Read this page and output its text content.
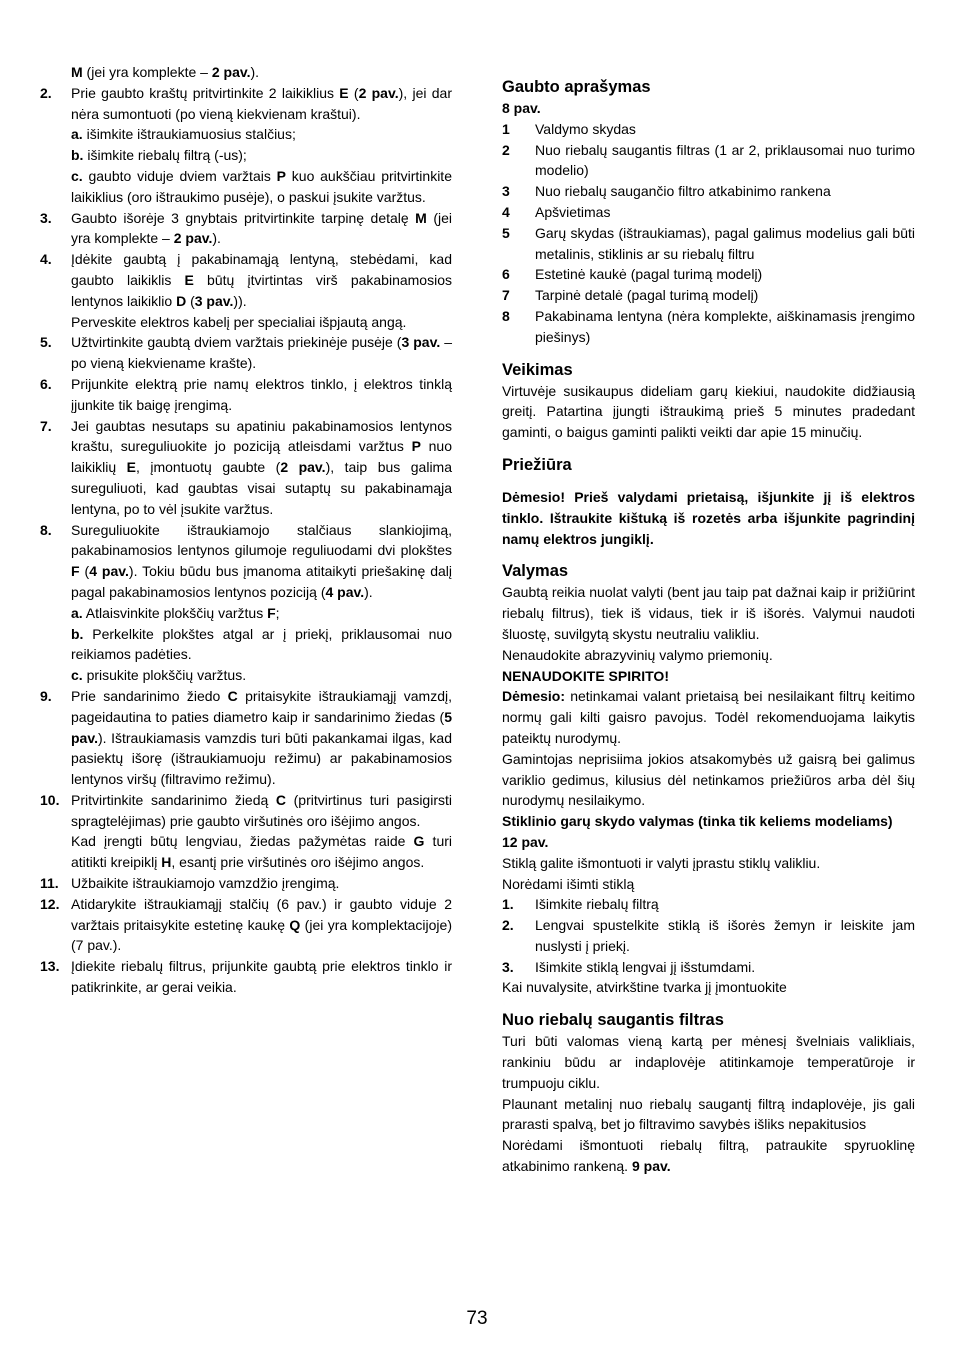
M (jei yra komplekte – 2 pav.).

2. Prie gaubto kraštų pritvirtinkite 2 laikiklius E (2 pav.), jei dar nėra sumontuoti (po vieną kiekvienam kraštui).

a. išimkite ištraukiamuosius stalčius;

b. išimkite riebalų filtrą (-us);

c. gaubto viduje dviem varžtais P kuo aukščiau pritvirtinkite laikiklius (oro ištraukimo pusėje), o paskui įsukite varžtus.

3. Gaubto išorėje 3 gnybtais pritvirtinkite tarpinę detalę M (jei yra komplekte – 2 pav.).
4. Įdėkite gaubtą į pakabinamąją lentyną, stebėdami, kad gaubto laikiklis E būtų įtvirtintas virš pakabinamosios lentynos laikiklio D (3 pav.)).

Perveskite elektros kabelį per specialiai išpjautą angą.

5. Užtvirtinkite gaubtą dviem varžtais priekinėje pusėje (3 pav. – po vieną kiekviename krašte).
6. Prijunkite elektrą prie namų elektros tinklo, į elektros tinklą įjunkite tik baigę įrengimą.
7. Jei gaubtas nesutaps su apatiniu pakabinamosios lentynos kraštu, sureguliuokite jo poziciją atleisdami varžtus P nuo laikiklių E, įmontuotų gaubte (2 pav.), taip bus galima sureguliuoti, kad gaubtas visai sutaptų su pakabinamąja lentyna, po to vėl įsukite varžtus.
8. Sureguliuokite ištraukiamojo stalčiaus slankiojimą, pakabinamosios lentynos gilumoje reguliuodami dvi plokštes F (4 pav.). Tokiu būdu bus įmanoma atitaikyti priešakinę dalį pagal pakabinamosios lentynos poziciją (4 pav.).

a. Atlaisvinkite plokščių varžtus F;

b. Perkelkite plokštes atgal ar į priekį, priklausomai nuo reikiamos padėties.

c. prisukite plokščių varžtus.

9. Prie sandarinimo žiedo C pritaisykite ištraukiamąjį vamzdį, pageidautina to paties diametro kaip ir sandarinimo žiedas (5 pav.). Ištraukiamasis vamzdis turi būti pakankamai ilgas, kad pasiektų išorę (ištraukiamuoju režimu) ar pakabinamosios lentynos viršų (filtravimo režimu).
10. Pritvirtinkite sandarinimo žiedą C (pritvirtinus turi pasigirsti spragtelėjimas) prie gaubto viršutinės oro išėjimo angos.

Kad įrengti būtų lengviau, žiedas pažymėtas raide G turi atitikti kreipiklį H, esantį prie viršutinės oro išėjimo angos.

11. Užbaikite ištraukiamojo vamzdžio įrengimą.
12. Atidarykite ištraukiamąjį stalčių (6 pav.) ir gaubto viduje 2 varžtais pritaisykite estetinę kaukę Q (jei yra komplektacijoje) (7 pav.).
13. Įdiekite riebalų filtrus, prijunkite gaubtą prie elektros tinklo ir patikrinkite, ar gerai veikia.
Gaubto aprašymas

8 pav.

1 Valdymo skydas
2 Nuo riebalų saugantis filtras (1 ar 2, priklausomai nuo turimo modelio)
3 Nuo riebalų saugančio filtro atkabinimo rankena
4 Apšvietimas
5 Garų skydas (ištraukiamas), pagal galimus modelius gali būti metalinis, stiklinis ar su riebalų filtru
6 Estetinė kaukė (pagal turimą modelį)
7 Tarpinė detalė (pagal turimą modelį)
8 Pakabinama lentyna (nėra komplekte, aiškinamasis įrengimo piešinys)
Veikimas

Virtuvėje susikaupus dideliam garų kiekiui, naudokite didžiausią greitį. Patartina įjungti ištraukimą prieš 5 minutes pradedant gaminti, o baigus gaminti palikti veikti dar apie 15 minučių.

Priežiūra

Dėmesio! Prieš valydami prietaisą, išjunkite jį iš elektros tinklo. Ištraukite kištuką iš rozetės arba išjunkite pagrindinį namų elektros jungiklį.

Valymas

Gaubtą reikia nuolat valyti (bent jau taip pat dažnai kaip ir prižiūrint riebalų filtrus), tiek iš vidaus, tiek ir iš išorės. Valymui naudoti šluostę, suvilgytą skystu neutraliu valikliu.

Nenaudokite abrazyvinių valymo priemonių.

NENAUDOKITE SPIRITO!

Dėmesio: netinkamai valant prietaisą bei nesilaikant filtrų keitimo normų gali kilti gaisro pavojus. Todėl rekomenduojama laikytis pateiktų nurodymų.

Gamintojas neprisiima jokios atsakomybės už gaisrą bei galimus variklio gedimus, kilusius dėl netinkamos priežiūros arba dėl šių nurodymų nesilaikymo.

Stiklinio garų skydo valymas (tinka tik keliems modeliams)

12 pav.

Stiklą galite išmontuoti ir valyti įprastu stiklų valikliu.

Norėdami išimti stiklą

1. Išimkite riebalų filtrą
2. Lengvai spustelkite stiklą iš išorės žemyn ir leiskite jam nuslysti į priekį.
3. Išimkite stiklą lengvai jį išstumdami.

Kai nuvalysite, atvirkštine tvarka jį įmontuokite

Nuo riebalų saugantis filtras

Turi būti valomas vieną kartą per mėnesį švelniais valikliais, rankiniu būdu ar indaplovėje atitinkamoje temperatūroje ir trumpuoju ciklu.

Plaunant metalinį nuo riebalų saugantį filtrą indaplovėje, jis gali prarasti spalvą, bet jo filtravimo savybės išliks nepakitusios

Norėdami išmontuoti riebalų filtrą, patraukite spyruoklinę atkabinimo rankeną. 9 pav.

73
